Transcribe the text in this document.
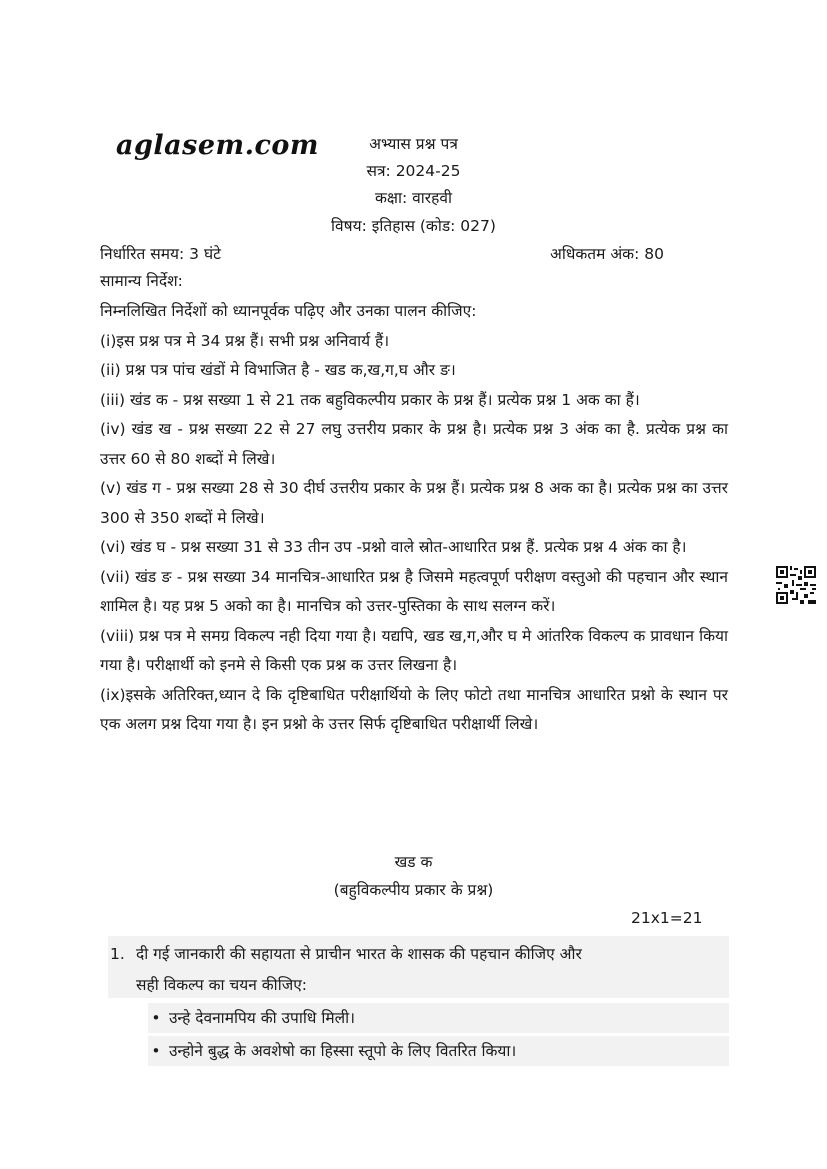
aglasem.com	अभ्यास प्रश्न पत्र
सत्र: 2024-25
कक्षा: वारहवी
विषय: इतिहास (कोड: 027)
निर्धारित समय: 3 घंटे	अधिकतम अंक: 80
सामान्य निर्देश:

निम्नलिखित निर्देशों को ध्यानपूर्वक पढ़िए और उनका पालन कीजिए:

(i)इस प्रश्न पत्र मे 34 प्रश्न हैं। सभी प्रश्न अनिवार्य हैं।

(ii) प्रश्न पत्र पांच खंडों मे विभाजित है - खड क,ख,ग,घ और ङ।

(iii) खंड क - प्रश्न सख्या 1 से 21 तक बहुविकल्पीय प्रकार के प्रश्न हैं। प्रत्येक प्रश्न 1 अक का हैं।

(iv) खंड ख - प्रश्न सख्या 22 से 27 लघु उत्तरीय प्रकार के प्रश्न है। प्रत्येक प्रश्न 3 अंक का है. प्रत्येक प्रश्न का उत्तर 60 से 80 शब्दों मे लिखे।

(v) खंड ग - प्रश्न सख्या 28 से 30 दीर्घ उत्तरीय प्रकार के प्रश्न हैं। प्रत्येक प्रश्न 8 अक का है। प्रत्येक प्रश्न का उत्तर 300 से 350 शब्दों मे लिखे।

(vi) खंड घ - प्रश्न सख्या 31 से 33 तीन उप -प्रश्नो वाले स्रोत-आधारित प्रश्न हैं. प्रत्येक प्रश्न 4 अंक का है।

(vii) खंड ङ - प्रश्न सख्या 34 मानचित्र-आधारित प्रश्न है जिसमे महत्वपूर्ण परीक्षण वस्तुओ की पहचान और स्थान शामिल है। यह प्रश्न 5 अको का है। मानचित्र को उत्तर-पुस्तिका के साथ सलग्न करें।

(viii) प्रश्न पत्र मे समग्र विकल्प नही दिया गया है। यद्यपि, खड ख,ग,और घ मे आंतरिक विकल्प क प्रावधान किया गया है। परीक्षार्थी को इनमे से किसी एक प्रश्न क उत्तर लिखना है।

(ix)इसके अतिरिक्त,ध्यान दे कि दृष्टिबाधित परीक्षार्थियो के लिए फोटो तथा मानचित्र आधारित प्रश्नो के स्थान पर एक अलग प्रश्न दिया गया है। इन प्रश्नो के उत्तर सिर्फ दृष्टिबाधित परीक्षार्थी लिखे।

खड क
(बहुविकल्पीय प्रकार के प्रश्न)
21x1=21
1. दी गई जानकारी की सहायता से प्राचीन भारत के शासक की पहचान कीजिए और
सही विकल्प का चयन कीजिए:
• उन्हे देवनामपिय की उपाधि मिली।
• उन्होने बुद्ध के अवशेषो का हिस्सा स्तूपो के लिए वितरित किया।
